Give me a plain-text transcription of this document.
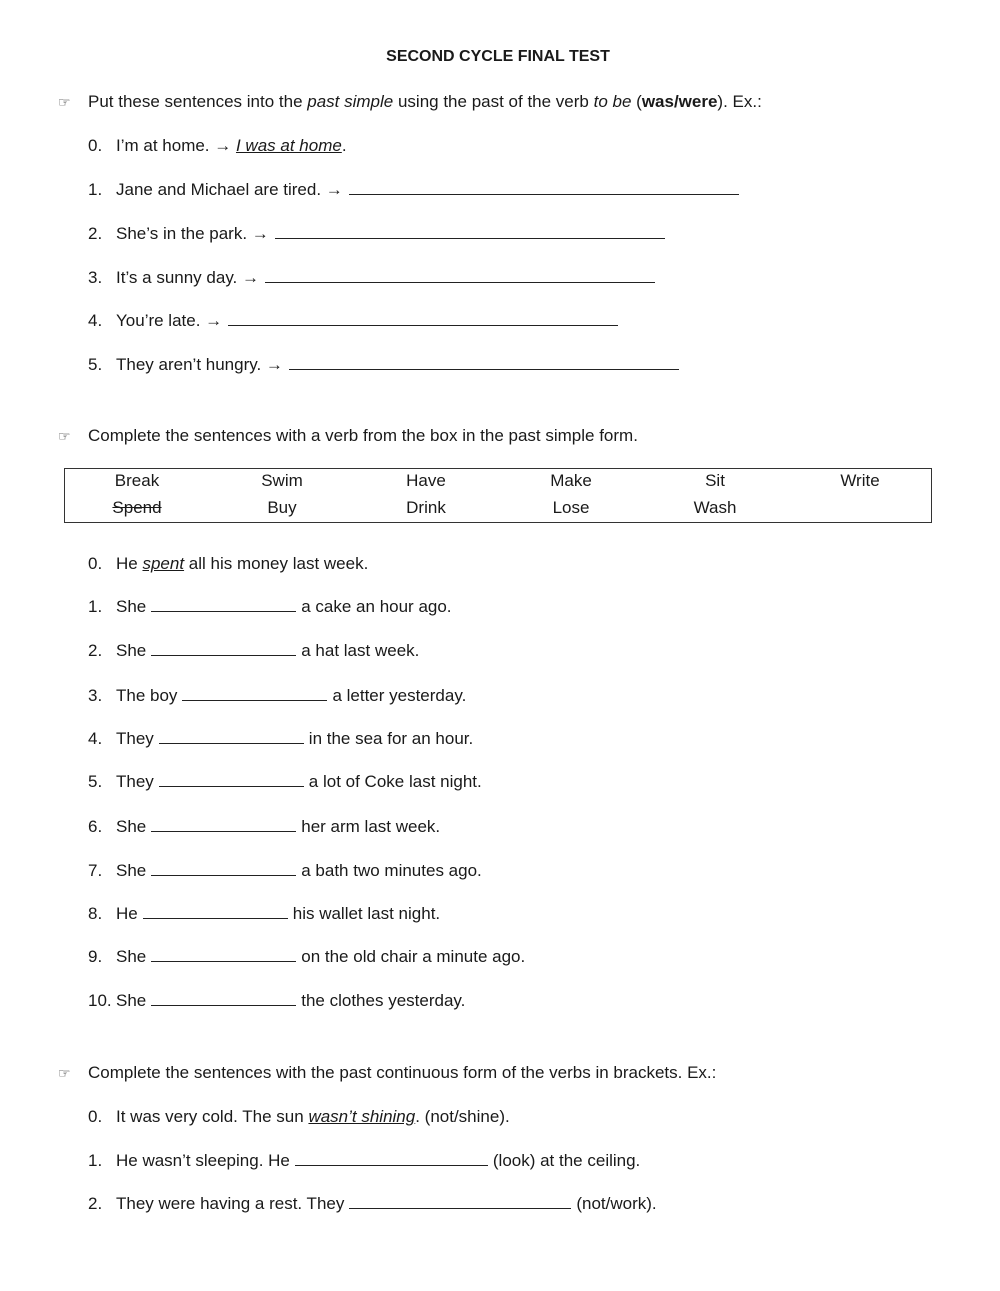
SECOND CYCLE FINAL TEST
☞ Put these sentences into the past simple using the past of the verb to be (was/were). Ex.:
0. I’m at home. → I was at home.
1. Jane and Michael are tired. →
2. She’s in the park. →
3. It’s a sunny day. →
4. You’re late. →
5. They aren’t hungry. →
☞ Complete the sentences with a verb from the box in the past simple form.
Break	Swim	Have	Make	Sit	Write
Spend	Buy	Drink	Lose	Wash
0. He spent all his money last week.
1. She	a cake an hour ago.
2. She	a hat last week.
3. The boy	a letter yesterday.
4. They	in the sea for an hour.
5. They	a lot of Coke last night.
6. She	her arm last week.
7. She	a bath two minutes ago.
8. He	his wallet last night.
9. She	on the old chair a minute ago.
10. She	the clothes yesterday.
☞ Complete the sentences with the past continuous form of the verbs in brackets. Ex.:
0. It was very cold. The sun wasn’t shining. (not/shine).
1. He wasn’t sleeping. He	(look) at the ceiling.
2. They were having a rest. They	(not/work).
